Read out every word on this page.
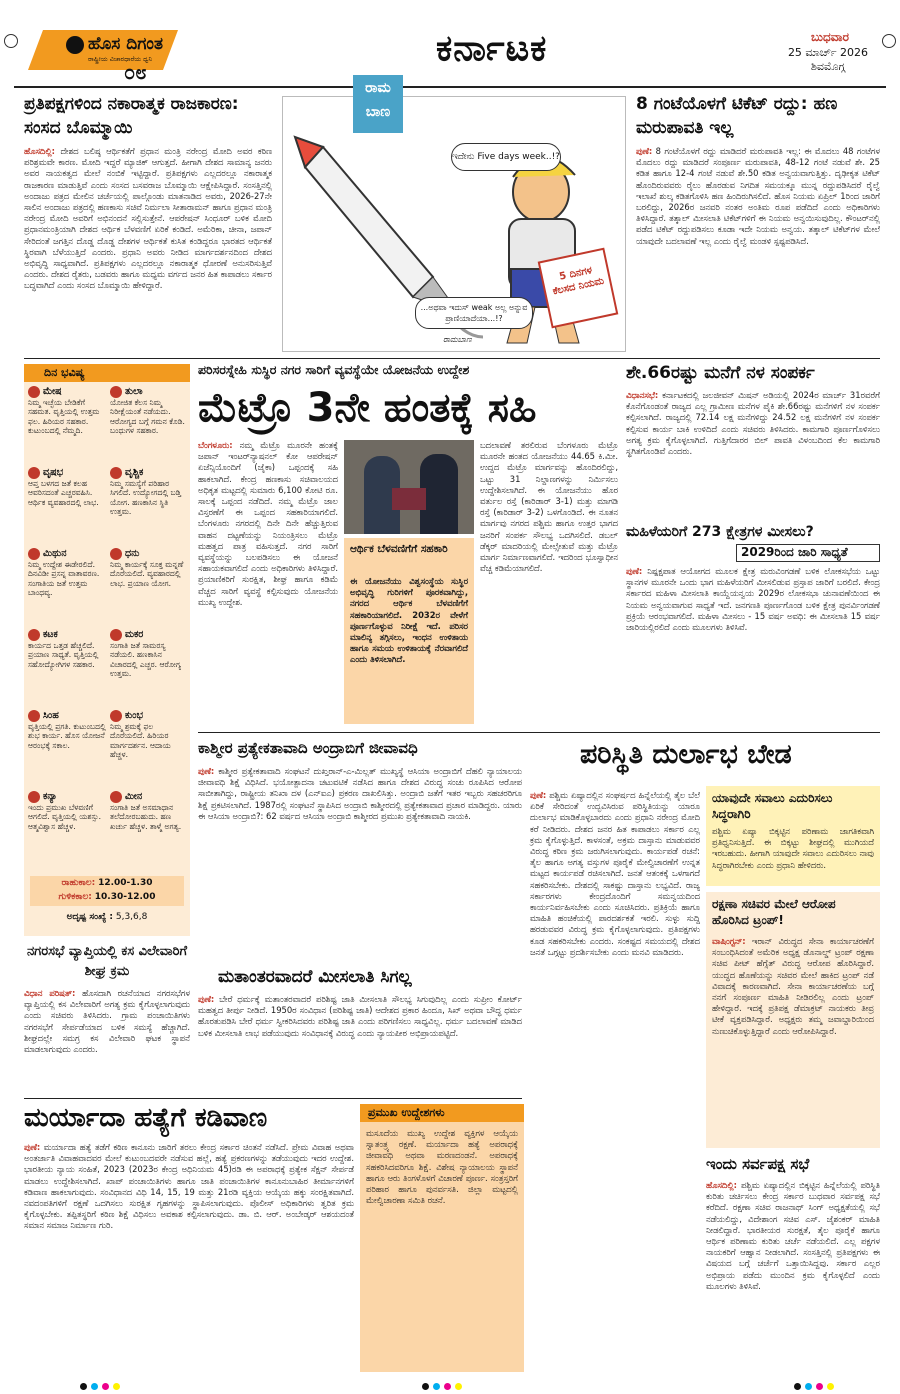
ಹೊಸ ದಿಗಂತ
ರಾಷ್ಟ್ರೀಯ ವಿಚಾರಧಾರೆಯ ಧ್ವನಿ
೦೮
ಕರ್ನಾಟಕ	ಬುಧವಾರ
25 ಮಾರ್ಚ್ 2026
ಶಿವಮೊಗ್ಗ
ಪ್ರತಿಪಕ್ಷಗಳಿಂದ ನಕಾರಾತ್ಮಕ ರಾಜಕಾರಣ: ಸಂಸದ ಬೊಮ್ಮಾಯಿ
ಹೊಸದಿಲ್ಲಿ: ದೇಶದ ಬಲಿಷ್ಠ ಆರ್ಥಿಕತೆಗೆ ಪ್ರಧಾನ ಮಂತ್ರಿ ನರೇಂದ್ರ ಮೋದಿ ಅವರ ಕಠಿಣ ಪರಿಶ್ರಮವೇ ಕಾರಣ. ಮೋದಿ ಇದ್ದರೆ ಮ್ಯಾಜಿಕ್ ಆಗುತ್ತದೆ. ಹೀಗಾಗಿ ದೇಶದ ಸಾಮಾನ್ಯ ಜನರು ಅವರ ನಾಯಕತ್ವದ ಮೇಲೆ ನಂಬಿಕೆ ಇಟ್ಟಿದ್ದಾರೆ. ಪ್ರತಿಪಕ್ಷಗಳು ಎಲ್ಲದರಲ್ಲೂ ನಕಾರಾತ್ಮಕ ರಾಜಕಾರಣ ಮಾಡುತ್ತಿವೆ ಎಂದು ಸಂಸದ ಬಸವರಾಜ ಬೊಮ್ಮಾಯಿ ಆಕ್ಷೇಪಿಸಿದ್ದಾರೆ. ಸಂಸತ್ತಿನಲ್ಲಿ ಅಂದಾಜು ಪತ್ರದ ಮೇಲಿನ ಚರ್ಚೆಯಲ್ಲಿ ಪಾಲ್ಗೊಂಡು ಮಾತನಾಡಿದ ಅವರು, 2026-27ನೇ ಸಾಲಿನ ಅಂದಾಜು ಪತ್ರದಲ್ಲಿ ಹಣಕಾಸು ಸಚಿವೆ ನಿರ್ಮಲಾ ಸೀತಾರಾಮನ್ ಹಾಗೂ ಪ್ರಧಾನ ಮಂತ್ರಿ ನರೇಂದ್ರ ಮೋದಿ ಅವರಿಗೆ ಅಭಿನಂದನೆ ಸಲ್ಲಿಸುತ್ತೇನೆ. ಆಪರೇಷನ್ ಸಿಂಧೂರ್ ಬಳಿಕ ಮೋದಿ ಪ್ರಧಾನಮಂತ್ರಿಯಾಗಿ ದೇಶದ ಆರ್ಥಿಕ ಬೆಳವಣಿಗೆ ಏರಿಕೆ ಕಂಡಿದೆ. ಅಮೆರಿಕಾ, ಚೀನಾ, ಜಪಾನ್ ಸೇರಿದಂತೆ ಜಗತ್ತಿನ ದೊಡ್ಡ ದೊಡ್ಡ ದೇಶಗಳ ಆರ್ಥಿಕತೆ ಕುಸಿತ ಕಂಡಿದ್ದರೂ ಭಾರತದ ಆರ್ಥಿಕತೆ ಸ್ಥಿರವಾಗಿ ಬೆಳೆಯುತ್ತಿದೆ ಎಂದರು. ಪ್ರಧಾನಿ ಅವರು ನೀಡಿದ ಮಾರ್ಗದರ್ಶನದಿಂದ ದೇಶದ ಅಭಿವೃದ್ಧಿ ಸಾಧ್ಯವಾಗಿದೆ. ಪ್ರತಿಪಕ್ಷಗಳು ಎಲ್ಲದರಲ್ಲೂ ನಕಾರಾತ್ಮಕ ಧೋರಣೆ ಅನುಸರಿಸುತ್ತಿವೆ ಎಂದರು. ದೇಶದ ರೈತರು, ಬಡವರು ಹಾಗೂ ಮಧ್ಯಮ ವರ್ಗದ ಜನರ ಹಿತ ಕಾಪಾಡಲು ಸರ್ಕಾರ ಬದ್ಧವಾಗಿದೆ ಎಂದು ಸಂಸದ ಬೊಮ್ಮಾಯಿ ಹೇಳಿದ್ದಾರೆ.
ರಾಮ
ಬಾಣ
ಇದೇನು Five days week..!?
...ಅಥವಾ ಇದುಸ್ weak ಅಲ್ಲ ಅನ್ನುವ ಪ್ರಾಣಿಯಾದೆಯಾ...!?
5 ದಿನಗಳ ಕೆಲಸದ ನಿಯಮ
ರಾಮಬಾಣ
8 ಗಂಟೆಯೊಳಗೆ ಟಿಕೆಟ್ ರದ್ದು: ಹಣ ಮರುಪಾವತಿ ಇಲ್ಲ
ಪುಣೆ: 8 ಗಂಟೆಯೊಳಗೆ ರದ್ದು ಮಾಡಿದರೆ ಮರುಪಾವತಿ ಇಲ್ಲ: ಈ ಮೊದಲು 48 ಗಂಟೆಗಳ ಮೊದಲು ರದ್ದು ಮಾಡಿದರೆ ಸಂಪೂರ್ಣ ಮರುಪಾವತಿ, 48-12 ಗಂಟೆ ನಡುವೆ ಶೇ. 25 ಕಡಿತ ಹಾಗೂ 12-4 ಗಂಟೆ ನಡುವೆ ಶೇ.50 ಕಡಿತ ಅನ್ವಯವಾಗುತ್ತಿತ್ತು. ದೃಢೀಕೃತ ಟಿಕೆಟ್ ಹೊಂದಿರುವವರು ರೈಲು ಹೊರಡುವ ನಿಗದಿತ ಸಮಯಕ್ಕೂ ಮುನ್ನ ರದ್ದುಪಡಿಸಿದರೆ ರೈಲ್ವೆ ಇಲಾಖೆ ಶುಲ್ಕ ಕಡಿತಗೊಳಿಸಿ ಹಣ ಹಿಂದಿರುಗಿಸಲಿದೆ. ಹೊಸ ನಿಯಮ ಏಪ್ರಿಲ್ 1ರಿಂದ ಜಾರಿಗೆ ಬರಲಿದ್ದು, 2026ರ ಜನವರಿ ನಂತರ ಅಂತಿಮ ರೂಪ ಪಡೆದಿದೆ ಎಂದು ಅಧಿಕಾರಿಗಳು ತಿಳಿಸಿದ್ದಾರೆ. ತತ್ಕಾಲ್ ಮೀಸಲಾತಿ ಟಿಕೆಟ್‌ಗಳಿಗೆ ಈ ನಿಯಮ ಅನ್ವಯಿಸುವುದಿಲ್ಲ. ಕೌಂಟರ್‌ನಲ್ಲಿ ಪಡೆದ ಟಿಕೆಟ್ ರದ್ದುಪಡಿಸಲು ಕೂಡಾ ಇದೇ ನಿಯಮ ಅನ್ವಯ. ತತ್ಕಾಲ್ ಟಿಕೆಟ್‌ಗಳ ಮೇಲೆ ಯಾವುದೇ ಬದಲಾವಣೆ ಇಲ್ಲ ಎಂದು ರೈಲ್ವೆ ಮಂಡಳಿ ಸ್ಪಷ್ಟಪಡಿಸಿದೆ.
ದಿನ ಭವಿಷ್ಯ
ಮೇಷ
ನಿಮ್ಮ ಇಚ್ಛೆಯ ಬೇಡಿಕೆಗೆ ಸಹಮತ. ವೃತ್ತಿಯಲ್ಲಿ ಉತ್ತಮ ಫಲ. ಹಿರಿಯರ ಸಹಕಾರ. ಕುಟುಂಬದಲ್ಲಿ ನೆಮ್ಮದಿ.
ತುಲಾ
ಯೋಜಿತ ಕೆಲಸ ನಿಮ್ಮ ನಿರೀಕ್ಷೆಯಂತೆ ನಡೆಯದು. ಆರೋಗ್ಯದ ಬಗ್ಗೆ ಗಮನ ಕೊಡಿ. ಬಂಧುಗಳ ಸಹಕಾರ.
ವೃಷಭ
ಆಪ್ತ ಬಳಗದ ಜತೆ ಕಲಹ ಆವರಿಸದಂತೆ ಎಚ್ಚರವಹಿಸಿ. ಆರ್ಥಿಕ ವ್ಯವಹಾರದಲ್ಲಿ ಲಾಭ.
ವೃಶ್ಚಿಕ
ನಿಮ್ಮ ಸಮಸ್ಯೆಗೆ ಪರಿಹಾರ ಸಿಗಲಿದೆ. ಉದ್ಯೋಗದಲ್ಲಿ ಬಡ್ತಿ ಯೋಗ. ಹಣಕಾಸಿನ ಸ್ಥಿತಿ ಉತ್ತಮ.
ಮಿಥುನ
ನಿಮ್ಮ ಉದ್ದೇಶ ಈಡೇರಲಿದೆ. ದಿನವಿಡೀ ಪ್ರಸನ್ನ ವಾತಾವರಣ. ಸಂಗಾತಿಯ ಜತೆ ಉತ್ತಮ ಬಾಂಧವ್ಯ.
ಧನು
ನಿಮ್ಮ ಕಾರ್ಯಕ್ಕೆ ಸೂಕ್ತ ಮನ್ನಣೆ ದೊರೆಯಲಿದೆ. ವ್ಯವಹಾರದಲ್ಲಿ ಲಾಭ. ಪ್ರಯಾಣ ಯೋಗ.
ಕಟಕ
ಕಾರ್ಯದ ಒತ್ತಡ ಹೆಚ್ಚಲಿದೆ. ಪ್ರಯಾಣ ಸಾಧ್ಯತೆ. ವೃತ್ತಿಯಲ್ಲಿ ಸಹೋದ್ಯೋಗಿಗಳ ಸಹಕಾರ.
ಮಕರ
ಸಂಗಾತಿ ಜತೆ ಸಾಮರಸ್ಯ ನಡೆಯಲಿ. ಹಣಕಾಸಿನ ವಿಚಾರದಲ್ಲಿ ಎಚ್ಚರ. ಆರೋಗ್ಯ ಉತ್ತಮ.
ಸಿಂಹ
ವೃತ್ತಿಯಲ್ಲಿ ಪ್ರಗತಿ. ಕುಟುಂಬದಲ್ಲಿ ಶುಭ ಕಾರ್ಯ. ಹೊಸ ಯೋಜನೆ ಆರಂಭಕ್ಕೆ ಸಕಾಲ.
ಕುಂಭ
ನಿಮ್ಮ ಶ್ರಮಕ್ಕೆ ಫಲ ದೊರೆಯಲಿದೆ. ಹಿರಿಯರ ಮಾರ್ಗದರ್ಶನ. ಆದಾಯ ಹೆಚ್ಚಳ.
ಕನ್ಯಾ
ಇಂದು ಪ್ರಮುಖ ಬೆಳವಣಿಗೆ ಆಗಲಿದೆ. ವೃತ್ತಿಯಲ್ಲಿ ಯಶಸ್ಸು. ಆತ್ಮವಿಶ್ವಾಸ ಹೆಚ್ಚಳ.
ಮೀನ
ಸಂಗಾತಿ ಜತೆ ಅಸಮಾಧಾನ ತಲೆದೋರಬಹುದು. ಹಣ ಖರ್ಚು ಹೆಚ್ಚಳ. ತಾಳ್ಮೆ ಅಗತ್ಯ.
ರಾಹುಕಾಲ: 12.00-1.30
ಗುಳಿಕಕಾಲ: 10.30-12.00
ಅದೃಷ್ಟ ಸಂಖ್ಯೆ : 5,3,6,8
ಪರಿಸರಸ್ನೇಹಿ ಸುಸ್ಥಿರ ನಗರ ಸಾರಿಗೆ ವ್ಯವಸ್ಥೆಯೇ ಯೋಜನೆಯ ಉದ್ದೇಶ
ಮೆಟ್ರೊ 3ನೇ ಹಂತಕ್ಕೆ ಸಹಿ
ಬೆಂಗಳೂರು: ನಮ್ಮ ಮೆಟ್ರೊ ಮೂರನೇ ಹಂತಕ್ಕೆ ಜಪಾನ್ ಇಂಟರ್‌ನ್ಯಾಷನಲ್ ಕೋ ಆಪರೇಷನ್ ಏಜೆನ್ಸಿಯೊಂದಿಗೆ (ಜೈಕಾ) ಒಪ್ಪಂದಕ್ಕೆ ಸಹಿ ಹಾಕಲಾಗಿದೆ. ಕೇಂದ್ರ ಹಣಕಾಸು ಸಚಿವಾಲಯದ ಅಧಿಕೃತ ಮಟ್ಟದಲ್ಲಿ ಸುಮಾರು 6,100 ಕೋಟಿ ರೂ. ಸಾಲಕ್ಕೆ ಒಪ್ಪಂದ ನಡೆದಿದೆ. ನಮ್ಮ ಮೆಟ್ರೊ ಜಾಲ ವಿಸ್ತರಣೆಗೆ ಈ ಒಪ್ಪಂದ ಸಹಕಾರಿಯಾಗಲಿದೆ. ಬೆಂಗಳೂರು ನಗರದಲ್ಲಿ ದಿನೇ ದಿನೇ ಹೆಚ್ಚುತ್ತಿರುವ ವಾಹನ ದಟ್ಟಣೆಯನ್ನು ನಿಯಂತ್ರಿಸಲು ಮೆಟ್ರೊ ಮಹತ್ವದ ಪಾತ್ರ ವಹಿಸುತ್ತದೆ. ನಗರ ಸಾರಿಗೆ ವ್ಯವಸ್ಥೆಯನ್ನು ಬಲಪಡಿಸಲು ಈ ಯೋಜನೆ ಸಹಾಯಕವಾಗಲಿದೆ ಎಂದು ಅಧಿಕಾರಿಗಳು ತಿಳಿಸಿದ್ದಾರೆ. ಪ್ರಯಾಣಿಕರಿಗೆ ಸುರಕ್ಷಿತ, ಶೀಘ್ರ ಹಾಗೂ ಕಡಿಮೆ ವೆಚ್ಚದ ಸಾರಿಗೆ ವ್ಯವಸ್ಥೆ ಕಲ್ಪಿಸುವುದು ಯೋಜನೆಯ ಮುಖ್ಯ ಉದ್ದೇಶ.
ಆರ್ಥಿಕ ಬೆಳವಣಿಗೆಗೆ ಸಹಕಾರಿ
ಈ ಯೋಜನೆಯು ವಿಶ್ವಸಂಸ್ಥೆಯ ಸುಸ್ಥಿರ ಅಭಿವೃದ್ಧಿ ಗುರಿಗಳಿಗೆ ಪೂರಕವಾಗಿದ್ದು, ನಗರದ ಆರ್ಥಿಕ ಬೆಳವಣಿಗೆಗೆ ಸಹಕಾರಿಯಾಗಲಿದೆ. 2032ರ ವೇಳೆಗೆ ಪೂರ್ಣಗೊಳ್ಳುವ ನಿರೀಕ್ಷೆ ಇದೆ. ಪರಿಸರ ಮಾಲಿನ್ಯ ತಗ್ಗಿಸಲು, ಇಂಧನ ಉಳಿತಾಯ ಹಾಗೂ ಸಮಯ ಉಳಿತಾಯಕ್ಕೆ ನೆರವಾಗಲಿದೆ ಎಂದು ತಿಳಿಸಲಾಗಿದೆ.
ಬದಲಾವಣೆ ತರಲಿರುವ ಬೆಂಗಳೂರು ಮೆಟ್ರೊ ಮೂರನೇ ಹಂತದ ಯೋಜನೆಯು 44.65 ಕಿ.ಮೀ. ಉದ್ದದ ಮೆಟ್ರೊ ಮಾರ್ಗವನ್ನು ಹೊಂದಿರಲಿದ್ದು, ಒಟ್ಟು 31 ನಿಲ್ದಾಣಗಳನ್ನು ನಿರ್ಮಿಸಲು ಉದ್ದೇಶಿಸಲಾಗಿದೆ. ಈ ಯೋಜನೆಯು ಹೊರ ವರ್ತುಲ ರಸ್ತೆ (ಕಾರಿಡಾರ್ 3-1) ಮತ್ತು ಮಾಗಡಿ ರಸ್ತೆ (ಕಾರಿಡಾರ್ 3-2) ಒಳಗೊಂಡಿದೆ. ಈ ನೂತನ ಮಾರ್ಗವು ನಗರದ ಪಶ್ಚಿಮ ಹಾಗೂ ಉತ್ತರ ಭಾಗದ ಜನರಿಗೆ ಸಂಪರ್ಕ ಸೌಲಭ್ಯ ಒದಗಿಸಲಿದೆ. ಡಬಲ್ ಡೆಕ್ಕರ್ ಮಾದರಿಯಲ್ಲಿ ಮೇಲ್ಸೇತುವೆ ಮತ್ತು ಮೆಟ್ರೊ ಮಾರ್ಗ ನಿರ್ಮಾಣವಾಗಲಿದೆ. ಇದರಿಂದ ಭೂಸ್ವಾಧೀನ ವೆಚ್ಚ ಕಡಿಮೆಯಾಗಲಿದೆ.
ಶೇ.66ರಷ್ಟು ಮನೆಗೆ ನಳ ಸಂಪರ್ಕ
ವಿಧಾನಸಭೆ: ಕರ್ನಾಟಕದಲ್ಲಿ ಜಲಜೀವನ್ ಮಿಷನ್ ಅಡಿಯಲ್ಲಿ 2024ರ ಮಾರ್ಚ್ 31ರವರೆಗೆ ಕೊನೆಗೊಂಡಂತೆ ರಾಜ್ಯದ ಎಲ್ಲ ಗ್ರಾಮೀಣ ಮನೆಗಳ ಪೈಕಿ ಶೇ.66ರಷ್ಟು ಮನೆಗಳಿಗೆ ನಳ ಸಂಪರ್ಕ ಕಲ್ಪಿಸಲಾಗಿದೆ. ರಾಜ್ಯದಲ್ಲಿ 72.14 ಲಕ್ಷ ಮನೆಗಳಿದ್ದು 24.52 ಲಕ್ಷ ಮನೆಗಳಿಗೆ ನಳ ಸಂಪರ್ಕ ಕಲ್ಪಿಸುವ ಕಾರ್ಯ ಬಾಕಿ ಉಳಿದಿದೆ ಎಂದು ಸಚಿವರು ತಿಳಿಸಿದರು. ಕಾಮಗಾರಿ ಪೂರ್ಣಗೊಳಿಸಲು ಅಗತ್ಯ ಕ್ರಮ ಕೈಗೊಳ್ಳಲಾಗಿದೆ. ಗುತ್ತಿಗೆದಾರರ ಬಿಲ್ ಪಾವತಿ ವಿಳಂಬದಿಂದ ಕೆಲ ಕಾಮಗಾರಿ ಸ್ಥಗಿತಗೊಂಡಿವೆ ಎಂದರು.
ಮಹಿಳೆಯರಿಗೆ 273 ಕ್ಷೇತ್ರಗಳ ಮೀಸಲು?
2029ರಿಂದ ಜಾರಿ ಸಾಧ್ಯತೆ
ಪುಣೆ: ನಿಷ್ಪಕ್ಷಪಾತ ಆಯೋಗದ ಮೂಲಕ ಕ್ಷೇತ್ರ ಮರುವಿಂಗಡಣೆ ಬಳಿಕ ಲೋಕಸಭೆಯ ಒಟ್ಟು ಸ್ಥಾನಗಳ ಮೂರನೇ ಒಂದು ಭಾಗ ಮಹಿಳೆಯರಿಗೆ ಮೀಸಲಿಡುವ ಪ್ರಸ್ತಾಪ ಜಾರಿಗೆ ಬರಲಿದೆ. ಕೇಂದ್ರ ಸರ್ಕಾರದ ಮಹಿಳಾ ಮೀಸಲಾತಿ ಕಾಯ್ದೆಯನ್ವಯ 2029ರ ಲೋಕಸಭಾ ಚುನಾವಣೆಯಿಂದ ಈ ನಿಯಮ ಅನ್ವಯವಾಗುವ ಸಾಧ್ಯತೆ ಇದೆ. ಜನಗಣತಿ ಪೂರ್ಣಗೊಂಡ ಬಳಿಕ ಕ್ಷೇತ್ರ ಪುನರ್ವಿಂಗಡಣೆ ಪ್ರಕ್ರಿಯೆ ಆರಂಭವಾಗಲಿದೆ. ಮಹಿಳಾ ಮೀಸಲು - 15 ವರ್ಷ ಅವಧಿ: ಈ ಮೀಸಲಾತಿ 15 ವರ್ಷ ಜಾರಿಯಲ್ಲಿರಲಿದೆ ಎಂದು ಮೂಲಗಳು ತಿಳಿಸಿವೆ.
ಕಾಶ್ಮೀರ ಪ್ರತ್ಯೇಕತಾವಾದಿ ಅಂದ್ರಾಬಿಗೆ ಜೀವಾವಧಿ
ಪುಣೆ: ಕಾಶ್ಮೀರ ಪ್ರತ್ಯೇಕತಾವಾದಿ ಸಂಘಟನೆ ದುಖ್ತರಾನ್-ಎ-ಮಿಲ್ಲತ್ ಮುಖ್ಯಸ್ಥೆ ಆಸಿಯಾ ಅಂದ್ರಾಬಿಗೆ ದೆಹಲಿ ನ್ಯಾಯಾಲಯ ಜೀವಾವಧಿ ಶಿಕ್ಷೆ ವಿಧಿಸಿದೆ. ಭಯೋತ್ಪಾದನಾ ಚಟುವಟಿಕೆ ನಡೆಸಿದ ಹಾಗೂ ದೇಶದ ವಿರುದ್ಧ ಸಂಚು ರೂಪಿಸಿದ ಆರೋಪ ಸಾಬೀತಾಗಿದ್ದು, ರಾಷ್ಟ್ರೀಯ ತನಿಖಾ ದಳ (ಎನ್‌ಐಎ) ಪ್ರಕರಣ ದಾಖಲಿಸಿತ್ತು. ಅಂದ್ರಾಬಿ ಜತೆಗೆ ಇತರ ಇಬ್ಬರು ಸಹಚರರಿಗೂ ಶಿಕ್ಷೆ ಪ್ರಕಟಿಸಲಾಗಿದೆ. 1987ರಲ್ಲಿ ಸಂಘಟನೆ ಸ್ಥಾಪಿಸಿದ ಅಂದ್ರಾಬಿ ಕಾಶ್ಮೀರದಲ್ಲಿ ಪ್ರತ್ಯೇಕತಾವಾದ ಪ್ರಚಾರ ಮಾಡಿದ್ದರು. ಯಾರು ಈ ಆಸಿಯಾ ಅಂದ್ರಾಬಿ?: 62 ವರ್ಷದ ಆಸಿಯಾ ಅಂದ್ರಾಬಿ ಕಾಶ್ಮೀರದ ಪ್ರಮುಖ ಪ್ರತ್ಯೇಕತಾವಾದಿ ನಾಯಕಿ.
ಪರಿಸ್ಥಿತಿ ದುರ್ಲಾಭ ಬೇಡ
ಪುಣೆ: ಪಶ್ಚಿಮ ಏಷ್ಯಾದಲ್ಲಿನ ಸಂಘರ್ಷದ ಹಿನ್ನೆಲೆಯಲ್ಲಿ ತೈಲ ಬೆಲೆ ಏರಿಕೆ ಸೇರಿದಂತೆ ಉದ್ಭವಿಸಿರುವ ಪರಿಸ್ಥಿತಿಯನ್ನು ಯಾರೂ ದುರ್ಲಾಭ ಮಾಡಿಕೊಳ್ಳಬಾರದು ಎಂದು ಪ್ರಧಾನಿ ನರೇಂದ್ರ ಮೋದಿ ಕರೆ ನೀಡಿದರು. ದೇಶದ ಜನರ ಹಿತ ಕಾಪಾಡಲು ಸರ್ಕಾರ ಎಲ್ಲ ಕ್ರಮ ಕೈಗೊಳ್ಳುತ್ತಿದೆ. ಕಾಳಸಂತೆ, ಅಕ್ರಮ ದಾಸ್ತಾನು ಮಾಡುವವರ ವಿರುದ್ಧ ಕಠಿಣ ಕ್ರಮ ಜರುಗಿಸಲಾಗುವುದು. ಕಾರ್ಯಪಡೆ ರಚನೆ: ತೈಲ ಹಾಗೂ ಅಗತ್ಯ ವಸ್ತುಗಳ ಪೂರೈಕೆ ಮೇಲ್ವಿಚಾರಣೆಗೆ ಉನ್ನತ ಮಟ್ಟದ ಕಾರ್ಯಪಡೆ ರಚಿಸಲಾಗಿದೆ. ಜನತೆ ಆತಂಕಕ್ಕೆ ಒಳಗಾಗದೆ ಸಹಕರಿಸಬೇಕು. ದೇಶದಲ್ಲಿ ಸಾಕಷ್ಟು ದಾಸ್ತಾನು ಲಭ್ಯವಿದೆ. ರಾಜ್ಯ ಸರ್ಕಾರಗಳು ಕೇಂದ್ರದೊಂದಿಗೆ ಸಮನ್ವಯದಿಂದ ಕಾರ್ಯನಿರ್ವಹಿಸಬೇಕು ಎಂದು ಸೂಚಿಸಿದರು. ಪ್ರತಿಕ್ರಿಯೆ ಹಾಗೂ ಮಾಹಿತಿ ಹಂಚಿಕೆಯಲ್ಲಿ ಪಾರದರ್ಶಕತೆ ಇರಲಿ. ಸುಳ್ಳು ಸುದ್ದಿ ಹರಡುವವರ ವಿರುದ್ಧ ಕ್ರಮ ಕೈಗೊಳ್ಳಲಾಗುವುದು. ಪ್ರತಿಪಕ್ಷಗಳು ಕೂಡ ಸಹಕರಿಸಬೇಕು ಎಂದರು. ಸಂಕಷ್ಟದ ಸಮಯದಲ್ಲಿ ದೇಶದ ಜನತೆ ಒಗ್ಗಟ್ಟು ಪ್ರದರ್ಶಿಸಬೇಕು ಎಂದು ಮನವಿ ಮಾಡಿದರು.
ಯಾವುದೇ ಸವಾಲು ಎದುರಿಸಲು ಸಿದ್ಧರಾಗಿರಿ
ಪಶ್ಚಿಮ ಏಷ್ಯಾ ಬಿಕ್ಕಟ್ಟಿನ ಪರಿಣಾಮ ಜಾಗತಿಕವಾಗಿ ಪ್ರತಿಧ್ವನಿಸುತ್ತಿದೆ. ಈ ಬಿಕ್ಕಟ್ಟು ಶೀಘ್ರದಲ್ಲಿ ಮುಗಿಯದೆ ಇರಬಹುದು. ಹೀಗಾಗಿ ಯಾವುದೇ ಸವಾಲು ಎದುರಿಸಲು ನಾವು ಸಿದ್ಧರಾಗಿರಬೇಕು ಎಂದು ಪ್ರಧಾನಿ ಹೇಳಿದರು.
ರಕ್ಷಣಾ ಸಚಿವರ ಮೇಲೆ ಆರೋಪ ಹೊರಿಸಿದ ಟ್ರಂಪ್!
ವಾಷಿಂಗ್ಟನ್: ಇರಾನ್ ವಿರುದ್ಧದ ಸೇನಾ ಕಾರ್ಯಾಚರಣೆಗೆ ಸಂಬಂಧಿಸಿದಂತೆ ಅಮೆರಿಕ ಅಧ್ಯಕ್ಷ ಡೊನಾಲ್ಡ್ ಟ್ರಂಪ್ ರಕ್ಷಣಾ ಸಚಿವ ಪೀಟ್ ಹೆಗ್ಸೆತ್ ವಿರುದ್ಧ ಆರೋಪ ಹೊರಿಸಿದ್ದಾರೆ. ಯುದ್ಧದ ಹೊಣೆಯನ್ನು ಸಚಿವರ ಮೇಲೆ ಹಾಕಿದ ಟ್ರಂಪ್ ನಡೆ ವಿವಾದಕ್ಕೆ ಕಾರಣವಾಗಿದೆ. ಸೇನಾ ಕಾರ್ಯಾಚರಣೆಯ ಬಗ್ಗೆ ನನಗೆ ಸಂಪೂರ್ಣ ಮಾಹಿತಿ ನೀಡಿರಲಿಲ್ಲ ಎಂದು ಟ್ರಂಪ್ ಹೇಳಿದ್ದಾರೆ. ಇದಕ್ಕೆ ಪ್ರತಿಪಕ್ಷ ಡೆಮಾಕ್ರಟ್ ನಾಯಕರು ತೀವ್ರ ಟೀಕೆ ವ್ಯಕ್ತಪಡಿಸಿದ್ದಾರೆ. ಅಧ್ಯಕ್ಷರು ತಮ್ಮ ಜವಾಬ್ದಾರಿಯಿಂದ ನುಣುಚಿಕೊಳ್ಳುತ್ತಿದ್ದಾರೆ ಎಂದು ಆರೋಪಿಸಿದ್ದಾರೆ.
ನಗರಸಭೆ ವ್ಯಾಪ್ತಿಯಲ್ಲಿ ಕಸ ವಿಲೇವಾರಿಗೆ ಶೀಘ್ರ ಕ್ರಮ
ವಿಧಾನ ಪರಿಷತ್: ಹೊಸದಾಗಿ ರಚನೆಯಾದ ನಗರಸಭೆಗಳ ವ್ಯಾಪ್ತಿಯಲ್ಲಿ ಕಸ ವಿಲೇವಾರಿಗೆ ಅಗತ್ಯ ಕ್ರಮ ಕೈಗೊಳ್ಳಲಾಗುವುದು ಎಂದು ಸಚಿವರು ತಿಳಿಸಿದರು. ಗ್ರಾಮ ಪಂಚಾಯಿತಿಗಳು ನಗರಸಭೆಗೆ ಸೇರ್ಪಡೆಯಾದ ಬಳಿಕ ಸಮಸ್ಯೆ ಹೆಚ್ಚಾಗಿದೆ. ಶೀಘ್ರದಲ್ಲೇ ಸಮಗ್ರ ಕಸ ವಿಲೇವಾರಿ ಘಟಕ ಸ್ಥಾಪನೆ ಮಾಡಲಾಗುವುದು ಎಂದರು.
ಮತಾಂತರವಾದರೆ ಮೀಸಲಾತಿ ಸಿಗಲ್ಲ
ಪುಣೆ: ಬೇರೆ ಧರ್ಮಕ್ಕೆ ಮತಾಂತರವಾದರೆ ಪರಿಶಿಷ್ಟ ಜಾತಿ ಮೀಸಲಾತಿ ಸೌಲಭ್ಯ ಸಿಗುವುದಿಲ್ಲ ಎಂದು ಸುಪ್ರೀಂ ಕೋರ್ಟ್ ಮಹತ್ವದ ತೀರ್ಪು ನೀಡಿದೆ. 1950ರ ಸಂವಿಧಾನ (ಪರಿಶಿಷ್ಟ ಜಾತಿ) ಆದೇಶದ ಪ್ರಕಾರ ಹಿಂದೂ, ಸಿಖ್ ಅಥವಾ ಬೌದ್ಧ ಧರ್ಮ ಹೊರತುಪಡಿಸಿ ಬೇರೆ ಧರ್ಮ ಸ್ವೀಕರಿಸಿದವರು ಪರಿಶಿಷ್ಟ ಜಾತಿ ಎಂದು ಪರಿಗಣಿಸಲು ಸಾಧ್ಯವಿಲ್ಲ. ಧರ್ಮ ಬದಲಾವಣೆ ಮಾಡಿದ ಬಳಿಕ ಮೀಸಲಾತಿ ಲಾಭ ಪಡೆಯುವುದು ಸಂವಿಧಾನಕ್ಕೆ ವಿರುದ್ಧ ಎಂದು ನ್ಯಾಯಪೀಠ ಅಭಿಪ್ರಾಯಪಟ್ಟಿದೆ.
ಮರ್ಯಾದಾ ಹತ್ಯೆಗೆ ಕಡಿವಾಣ
ಪುಣೆ: ಮರ್ಯಾದಾ ಹತ್ಯೆ ತಡೆಗೆ ಕಠಿಣ ಕಾನೂನು ಜಾರಿಗೆ ತರಲು ಕೇಂದ್ರ ಸರ್ಕಾರ ಚಿಂತನೆ ನಡೆಸಿದೆ. ಪ್ರೇಮ ವಿವಾಹ ಅಥವಾ ಅಂತರ್ಜಾತಿ ವಿವಾಹವಾದವರ ಮೇಲೆ ಕುಟುಂಬದವರೇ ನಡೆಸುವ ಹಲ್ಲೆ, ಹತ್ಯೆ ಪ್ರಕರಣಗಳನ್ನು ತಡೆಯುವುದು ಇದರ ಉದ್ದೇಶ. ಭಾರತೀಯ ನ್ಯಾಯ ಸಂಹಿತೆ, 2023 (2023ರ ಕೇಂದ್ರ ಅಧಿನಿಯಮ 45)ರಡಿ ಈ ಅಪರಾಧಕ್ಕೆ ಪ್ರತ್ಯೇಕ ಸೆಕ್ಷನ್ ಸೇರ್ಪಡೆ ಮಾಡಲು ಉದ್ದೇಶಿಸಲಾಗಿದೆ. ಖಾಪ್ ಪಂಚಾಯಿತಿಗಳು ಹಾಗೂ ಜಾತಿ ಪಂಚಾಯಿತಿಗಳ ಕಾನೂನುಬಾಹಿರ ತೀರ್ಮಾನಗಳಿಗೆ ಕಡಿವಾಣ ಹಾಕಲಾಗುವುದು. ಸಂವಿಧಾನದ ವಿಧಿ 14, 15, 19 ಮತ್ತು 21ರಡಿ ವ್ಯಕ್ತಿಯ ಆಯ್ಕೆಯ ಹಕ್ಕು ಸಂರಕ್ಷಿತವಾಗಿದೆ. ನವದಂಪತಿಗಳಿಗೆ ರಕ್ಷಣೆ ಒದಗಿಸಲು ಸುರಕ್ಷಿತ ಗೃಹಗಳನ್ನು ಸ್ಥಾಪಿಸಲಾಗುವುದು. ಪೊಲೀಸ್ ಅಧಿಕಾರಿಗಳು ತ್ವರಿತ ಕ್ರಮ ಕೈಗೊಳ್ಳಬೇಕು. ತಪ್ಪಿತಸ್ಥರಿಗೆ ಕಠಿಣ ಶಿಕ್ಷೆ ವಿಧಿಸಲು ಅವಕಾಶ ಕಲ್ಪಿಸಲಾಗುವುದು. ಡಾ. ಬಿ. ಆರ್. ಅಂಬೇಡ್ಕರ್ ಆಶಯದಂತೆ ಸಮಾನ ಸಮಾಜ ನಿರ್ಮಾಣ ಗುರಿ.
ಪ್ರಮುಖ ಉದ್ದೇಶಗಳು
ಮಸೂದೆಯ ಮುಖ್ಯ ಉದ್ದೇಶ ವ್ಯಕ್ತಿಗಳ ಆಯ್ಕೆಯ ಸ್ವಾತಂತ್ರ್ಯ ರಕ್ಷಣೆ. ಮರ್ಯಾದಾ ಹತ್ಯೆ ಅಪರಾಧಕ್ಕೆ ಜೀವಾವಧಿ ಅಥವಾ ಮರಣದಂಡನೆ. ಅಪರಾಧಕ್ಕೆ ಸಹಕರಿಸಿದವರಿಗೂ ಶಿಕ್ಷೆ. ವಿಶೇಷ ನ್ಯಾಯಾಲಯ ಸ್ಥಾಪನೆ ಹಾಗೂ ಆರು ತಿಂಗಳೊಳಗೆ ವಿಚಾರಣೆ ಪೂರ್ಣ. ಸಂತ್ರಸ್ತರಿಗೆ ಪರಿಹಾರ ಹಾಗೂ ಪುನರ್ವಸತಿ. ಜಿಲ್ಲಾ ಮಟ್ಟದಲ್ಲಿ ಮೇಲ್ವಿಚಾರಣಾ ಸಮಿತಿ ರಚನೆ.
ಇಂದು ಸರ್ವಪಕ್ಷ ಸಭೆ
ಹೊಸದಿಲ್ಲಿ: ಪಶ್ಚಿಮ ಏಷ್ಯಾದಲ್ಲಿನ ಬಿಕ್ಕಟ್ಟಿನ ಹಿನ್ನೆಲೆಯಲ್ಲಿ ಪರಿಸ್ಥಿತಿ ಕುರಿತು ಚರ್ಚಿಸಲು ಕೇಂದ್ರ ಸರ್ಕಾರ ಬುಧವಾರ ಸರ್ವಪಕ್ಷ ಸಭೆ ಕರೆದಿದೆ. ರಕ್ಷಣಾ ಸಚಿವ ರಾಜನಾಥ್ ಸಿಂಗ್ ಅಧ್ಯಕ್ಷತೆಯಲ್ಲಿ ಸಭೆ ನಡೆಯಲಿದ್ದು, ವಿದೇಶಾಂಗ ಸಚಿವ ಎಸ್. ಜೈಶಂಕರ್ ಮಾಹಿತಿ ನೀಡಲಿದ್ದಾರೆ. ಭಾರತೀಯರ ಸುರಕ್ಷತೆ, ತೈಲ ಪೂರೈಕೆ ಹಾಗೂ ಆರ್ಥಿಕ ಪರಿಣಾಮ ಕುರಿತು ಚರ್ಚೆ ನಡೆಯಲಿದೆ. ಎಲ್ಲ ಪಕ್ಷಗಳ ನಾಯಕರಿಗೆ ಆಹ್ವಾನ ನೀಡಲಾಗಿದೆ. ಸಂಸತ್ತಿನಲ್ಲಿ ಪ್ರತಿಪಕ್ಷಗಳು ಈ ವಿಷಯದ ಬಗ್ಗೆ ಚರ್ಚೆಗೆ ಒತ್ತಾಯಿಸಿದ್ದವು. ಸರ್ಕಾರ ಎಲ್ಲರ ಅಭಿಪ್ರಾಯ ಪಡೆದು ಮುಂದಿನ ಕ್ರಮ ಕೈಗೊಳ್ಳಲಿದೆ ಎಂದು ಮೂಲಗಳು ತಿಳಿಸಿವೆ.
